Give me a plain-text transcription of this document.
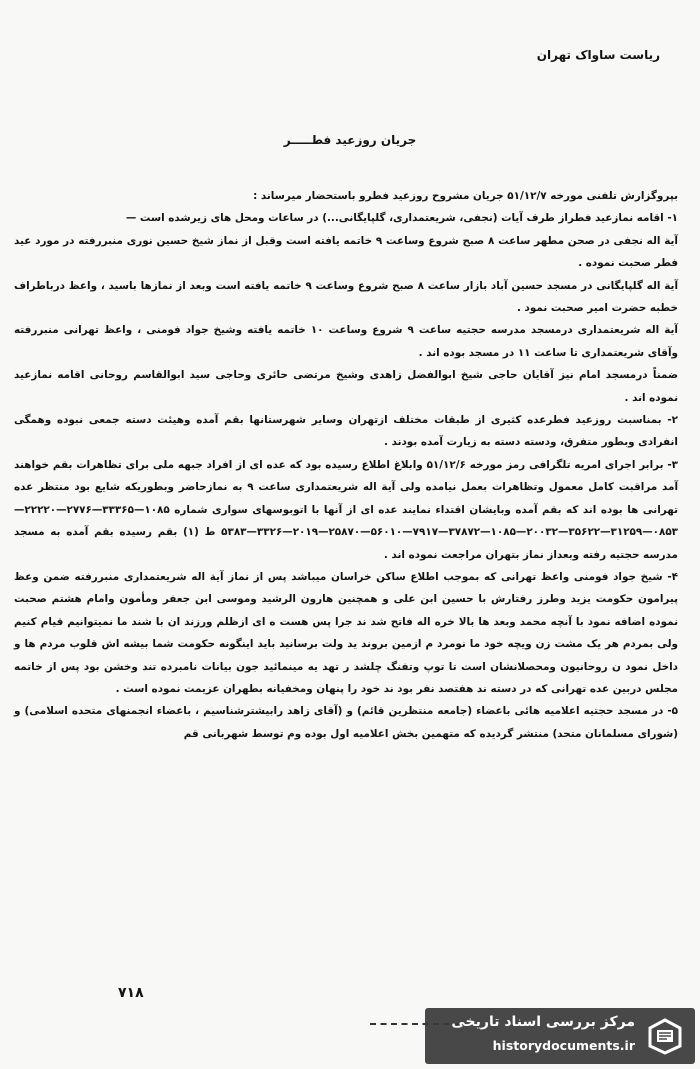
ریاست ساواک تهران
جریان روزعید فطـــــر

بپروگزارش تلفنی مورخه ۵۱/۱۲/۷ جریان مشروح روزعید فطرو باستحضار میرساند :

۱- اقامه نمازعید فطراز طرف آیات (نجفی، شریعتمدارى، گلپایگانى...) در ساعات ومحل هاى زیرشده است —

آیة اله نجفی در صحن مطهر ساعت ۸ صبح شروع وساعت ۹ خاتمه یافته است وقبل از نماز شیخ حسین نوری منبررفته در مورد عید فطر صحبت نموده .

آیة اله گلپایگانى در مسجد حسین آباد بازار ساعت ۸ صبح شروع وساعت ۹ خاتمه یافته است وبعد از نمازها باسید ، واعظ درباطراف خطبه حضرت امیر صحبت نمود .

آیة اله شریعتمدارى درمسجد مدرسه حجتیه ساعت ۹ شروع وساعت ۱۰ خاتمه یافته وشیخ جواد فومنی ، واعظ تهرانی منبررفته وآقای شریعتمدارى تا ساعت ۱۱ در مسجد بوده اند .

ضمناً درمسجد امام نیز آقایان حاجی شیخ ابوالفضل زاهدی وشیخ مرتضی حائری وحاجی سید ابوالقاسم روحانی اقامه نمازعید نموده اند .

۲- بمناسبت روزعید فطرعده کثیری از طبقات مختلف ازتهران وسایر شهرستانها بقم آمده وهیئت دسته جمعی نبوده وهمگی انفرادی وبطور متفرق، ودسته دسته به زیارت آمده بودند .

۳- برابر اجرای امریه تلگرافی رمز مورخه ۵۱/۱۲/۶ وابلاغ اطلاع رسیده بود که عده ای از افراد جبهه ملی برای تظاهرات بقم خواهند آمد مراقبت کامل معمول وتظاهرات بعمل نیامده ولی آیة اله شریعتمدارى ساعت ۹ به نمازحاضر وبطوریکه شایع بود منتظر عده تهرانی ها بوده اند که بقم آمده وبایشان اقتداء نمایند عده ای از آنها با اتوبوسهای سواری شماره ۱۰۸۵—۳۳۳۶۵—۲۷۷۶—۲۲۲۲۰—۰۸۵۳—۳۱۲۵۹—۳۵۶۲۲—۲۰۰۳۲—۱۰۸۵—۳۷۸۷۲—۷۹۱۷—۵۶۰۱۰—۲۵۸۷۰—۲۰۱۹—۳۳۲۶—۵۳۸۳ ط (۱) بقم رسیده بقم آمده به مسجد مدرسه حجتیه رفته وبعداز نماز بتهران مراجعت نموده اند .

۴- شیخ جواد فومنی واعظ تهرانی که بموجب اطلاع ساکن خراسان میباشد پس از نماز آیة اله شریعتمدارى منبررفته ضمن وعظ پیرامون حکومت یزید وطرز رفتارش با حسین ابن علی و همچنین هارون الرشید وموسی ابن جعفر ومأمون وامام هشتم صحبت نموده اضافه نمود با آنچه محمد وبعد ها بالا خره اله فاتح شد ند جرا پس هست ه ای ازظلم ورزند ان با شند ما نمیتوانیم قیام کنیم ولی بمردم هر یک مشت زن ویچه خود ما نومرد م ازمین بروند ید ولت برسانید باید اینگونه حکومت شما بیشه اش قلوب مردم ها و داخل نمود ن روحانیون ومحصلانشان است تا توپ وتفنگ چلشد ر تهد یه مینمائید جون بیانات نامبرده تند وخشن بود پس از خاتمه مجلس دربین عده تهرانی که در دسته ند هفتصد نفر بود ند خود را پنهان ومخفیانه بطهران عزیمت نموده است .

۵- در مسجد حجتیه اعلامیه هائی باعضاء (جامعه منتظرین قائم) و (آقای زاهد رابیشترشناسیم ، باعضاء انجمنهای متحده اسلامی) و (شورای مسلمانان متحد) منتشر گردیده که متهمین بخش اعلامیه اول بوده وم توسط شهربانی قم

۷۱۸
مرکز بررسی اسناد تاریخی
historydocuments.ir
